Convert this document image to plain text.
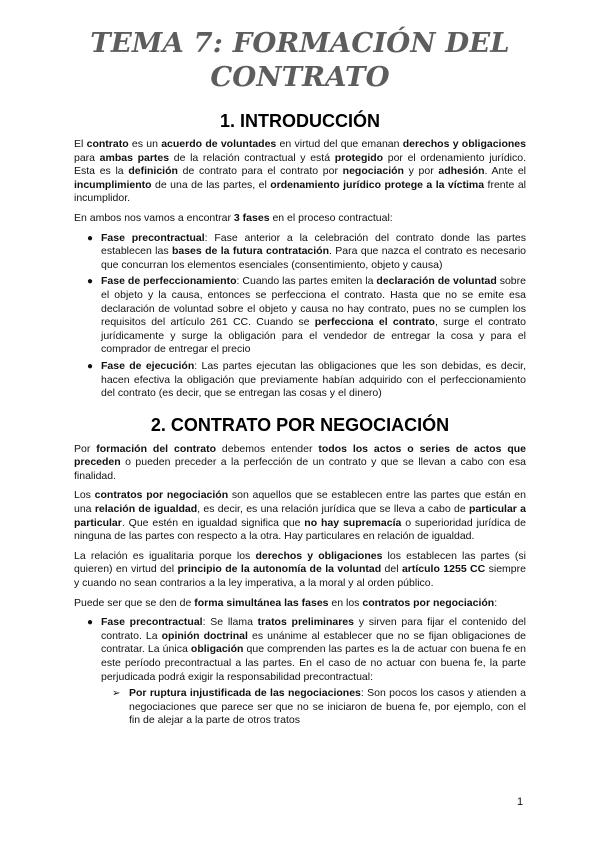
TEMA 7: FORMACIÓN DEL
CONTRATO
1. INTRODUCCIÓN

El contrato es un acuerdo de voluntades en virtud del que emanan derechos y obligaciones para ambas partes de la relación contractual y está protegido por el ordenamiento jurídico. Esta es la definición de contrato para el contrato por negociación y por adhesión. Ante el incumplimiento de una de las partes, el ordenamiento jurídico protege a la víctima frente al incumplidor.

En ambos nos vamos a encontrar 3 fases en el proceso contractual:

● Fase precontractual: Fase anterior a la celebración del contrato donde las partes establecen las bases de la futura contratación. Para que nazca el contrato es necesario que concurran los elementos esenciales (consentimiento, objeto y causa)
● Fase de perfeccionamiento: Cuando las partes emiten la declaración de voluntad sobre el objeto y la causa, entonces se perfecciona el contrato. Hasta que no se emite esa declaración de voluntad sobre el objeto y causa no hay contrato, pues no se cumplen los requisitos del artículo 261 CC. Cuando se perfecciona el contrato, surge el contrato jurídicamente y surge la obligación para el vendedor de entregar la cosa y para el comprador de entregar el precio
● Fase de ejecución: Las partes ejecutan las obligaciones que les son debidas, es decir, hacen efectiva la obligación que previamente habían adquirido con el perfeccionamiento del contrato (es decir, que se entregan las cosas y el dinero)
2. CONTRATO POR NEGOCIACIÓN

Por formación del contrato debemos entender todos los actos o series de actos que preceden o pueden preceder a la perfección de un contrato y que se llevan a cabo con esa finalidad.

Los contratos por negociación son aquellos que se establecen entre las partes que están en una relación de igualdad, es decir, es una relación jurídica que se lleva a cabo de particular a particular. Que estén en igualdad significa que no hay supremacía o superioridad jurídica de ninguna de las partes con respecto a la otra. Hay particulares en relación de igualdad.

La relación es igualitaria porque los derechos y obligaciones los establecen las partes (si quieren) en virtud del principio de la autonomía de la voluntad del artículo 1255 CC siempre y cuando no sean contrarios a la ley imperativa, a la moral y al orden público.

Puede ser que se den de forma simultánea las fases en los contratos por negociación:

● Fase precontractual: Se llama tratos preliminares y sirven para fijar el contenido del contrato. La opinión doctrinal es unánime al establecer que no se fijan obligaciones de contratar. La única obligación que comprenden las partes es la de actuar con buena fe en este período precontractual a las partes. En el caso de no actuar con buena fe, la parte perjudicada podrá exigir la responsabilidad precontractual:
➢ Por ruptura injustificada de las negociaciones: Son pocos los casos y atienden a negociaciones que parece ser que no se iniciaron de buena fe, por ejemplo, con el fin de alejar a la parte de otros tratos
1
